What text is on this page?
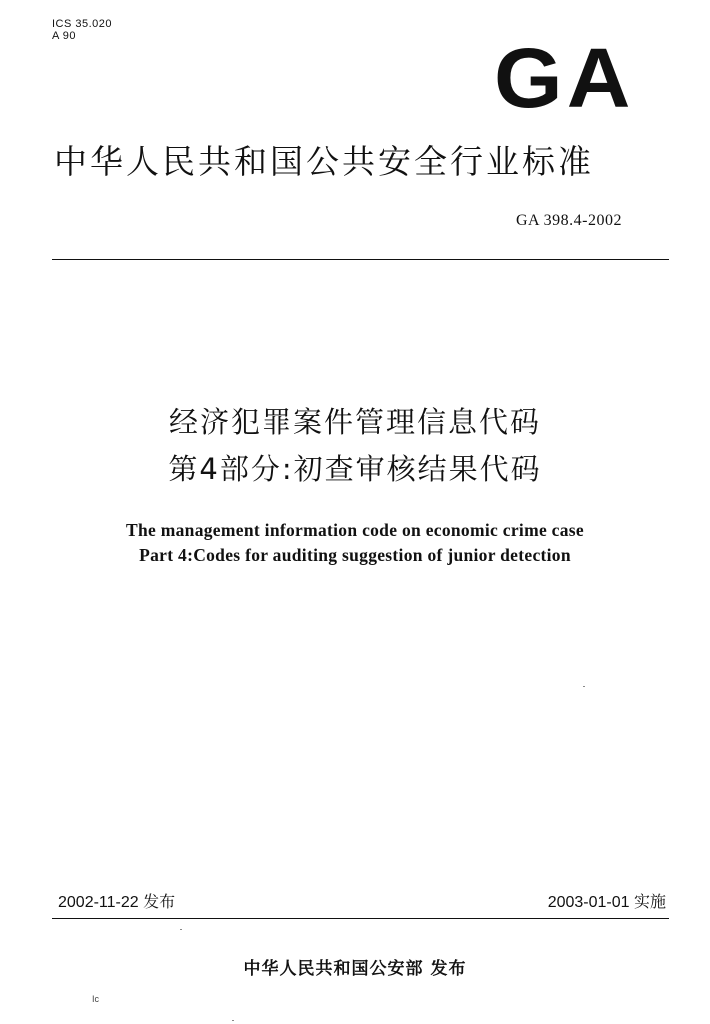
ICS 35.020
A 90	GA
中华人民共和国公共安全行业标准
GA 398.4-2002
经济犯罪案件管理信息代码
第4部分:初查审核结果代码
The management information code on economic crime case
Part 4:Codes for auditing suggestion of junior detection
2002-11-22 发布	2003-01-01 实施
中华人民共和国公安部 发布
Ic
